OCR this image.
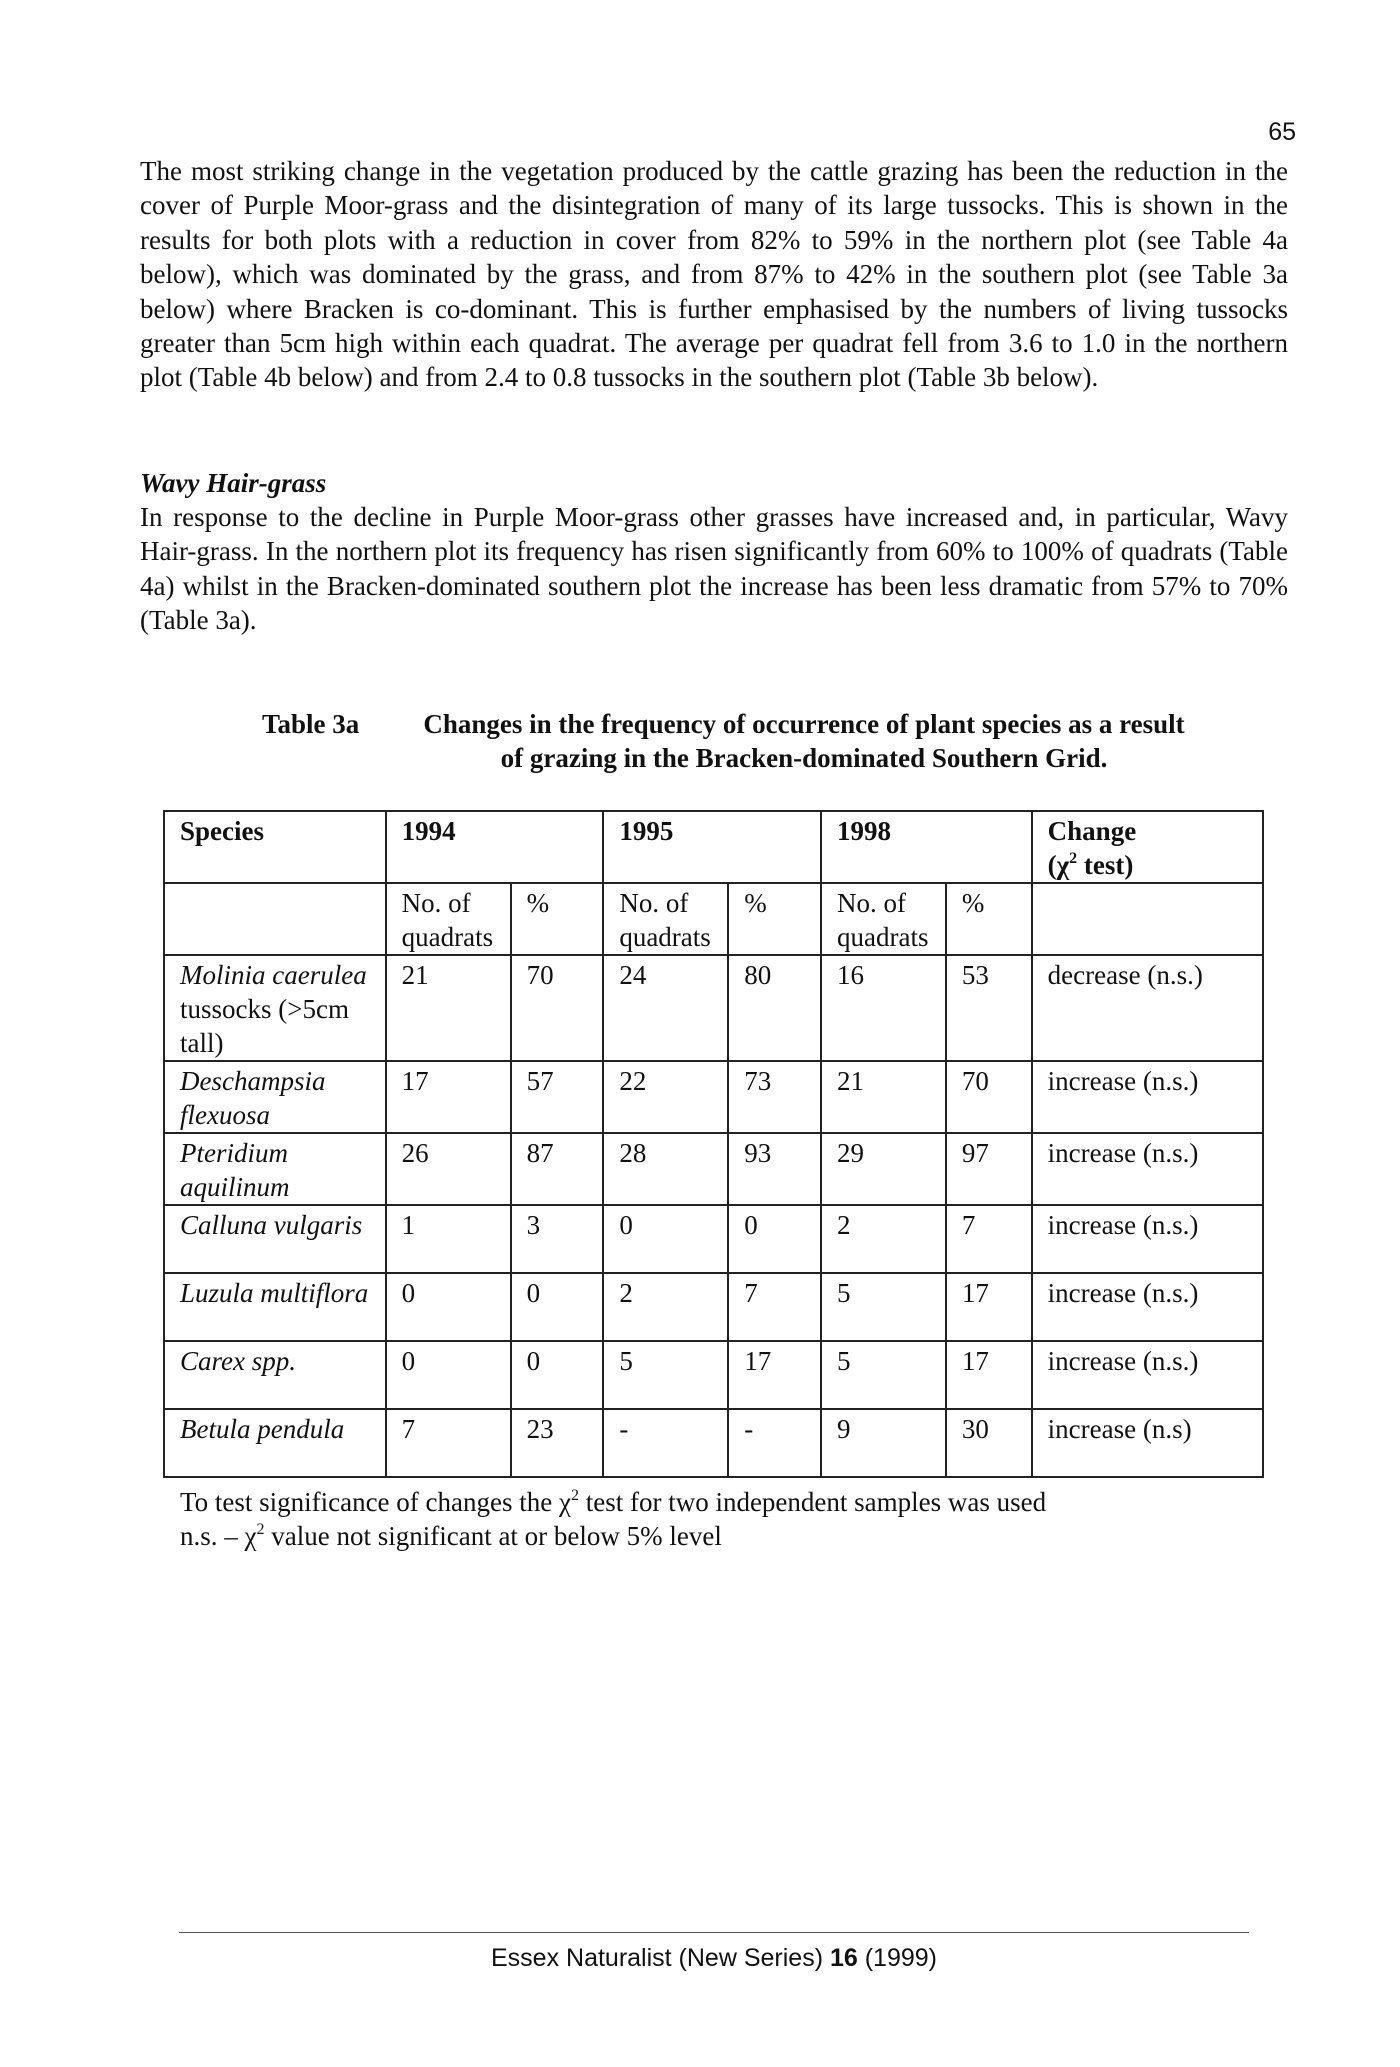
65

The most striking change in the vegetation produced by the cattle grazing has been the reduction in the cover of Purple Moor-grass and the disintegration of many of its large tussocks. This is shown in the results for both plots with a reduction in cover from 82% to 59% in the northern plot (see Table 4a below), which was dominated by the grass, and from 87% to 42% in the southern plot (see Table 3a below) where Bracken is co-dominant. This is further emphasised by the numbers of living tussocks greater than 5cm high within each quadrat. The average per quadrat fell from 3.6 to 1.0 in the northern plot (Table 4b below) and from 2.4 to 0.8 tussocks in the southern plot (Table 3b below).

Wavy Hair-grass

In response to the decline in Purple Moor-grass other grasses have increased and, in particular, Wavy Hair-grass. In the northern plot its frequency has risen significantly from 60% to 100% of quadrats (Table 4a) whilst in the Bracken-dominated southern plot the increase has been less dramatic from 57% to 70% (Table 3a).

Table 3a	Changes in the frequency of occurrence of plant species as a result of grazing in the Bracken-dominated Southern Grid.
Species	1994		1995		1998		Change
($\chi^2$ test)
	No. of quadrats	%	No. of quadrats	%	No. of quadrats	%	
Molinia caerulea
tussocks (>5cm tall)	21	70	24	80	16	53	decrease (n.s.)
Deschampsia flexuosa	17	57	22	73	21	70	increase (n.s.)
Pteridium aquilinum	26	87	28	93	29	97	increase (n.s.)
Calluna vulgaris	1	3	0	0	2	7	increase (n.s.)
Luzula multiflora	0	0	2	7	5	17	increase (n.s.)
Carex spp.	0	0	5	17	5	17	increase (n.s.)
Betula pendula	7	23	-	-	9	30	increase (n.s)

To test significance of changes the $\chi^2$ test for two independent samples was used
n.s. – $\chi^2$ value not significant at or below 5% level

Essex Naturalist (New Series) 16 (1999)
